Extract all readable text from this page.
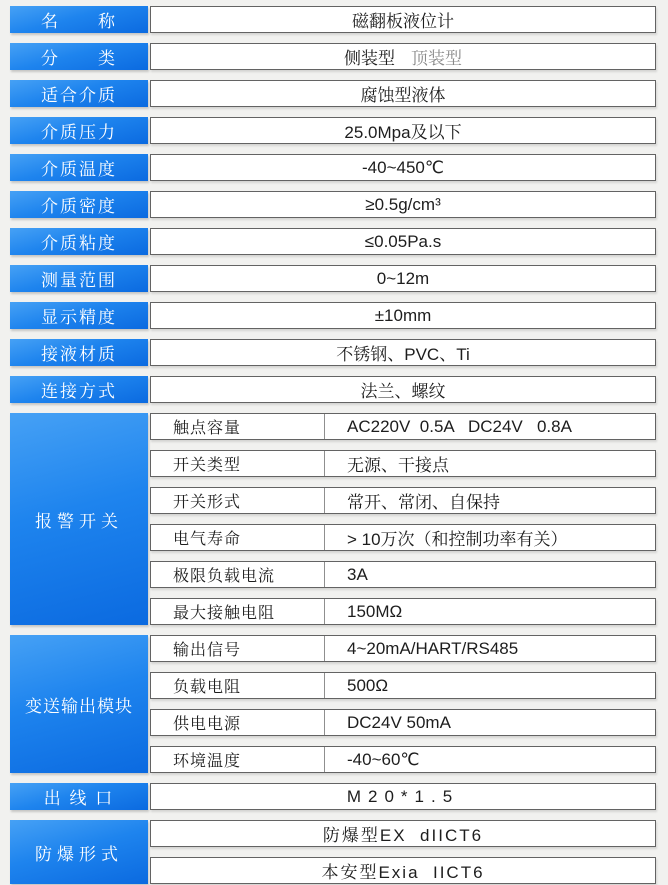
名　　称	磁翻板液位计
分　　类	侧装型 顶装型
适合介质	腐蚀型液体
介质压力	25.0Mpa及以下
介质温度	-40~450℃
介质密度	≥0.5g/cm³
介质粘度	≤0.05Pa.s
测量范围	0~12m
显示精度	±10mm
接液材质	不锈钢、PVC、Ti
连接方式	法兰、螺纹
报警开关
触点容量	AC220V  0.5A   DC24V   0.8A
开关类型	无源、干接点
开关形式	常开、常闭、自保持
电气寿命	> 10万次（和控制功率有关）
极限负载电流	3A
最大接触电阻	150MΩ
变送输出模块
输出信号	4~20mA/HART/RS485
负载电阻	500Ω
供电电源	DC24V 50mA
环境温度	-40~60℃
出 线 口	M20*1.5
防爆形式
防爆型EX  dIICT6
本安型Exia  IICT6
